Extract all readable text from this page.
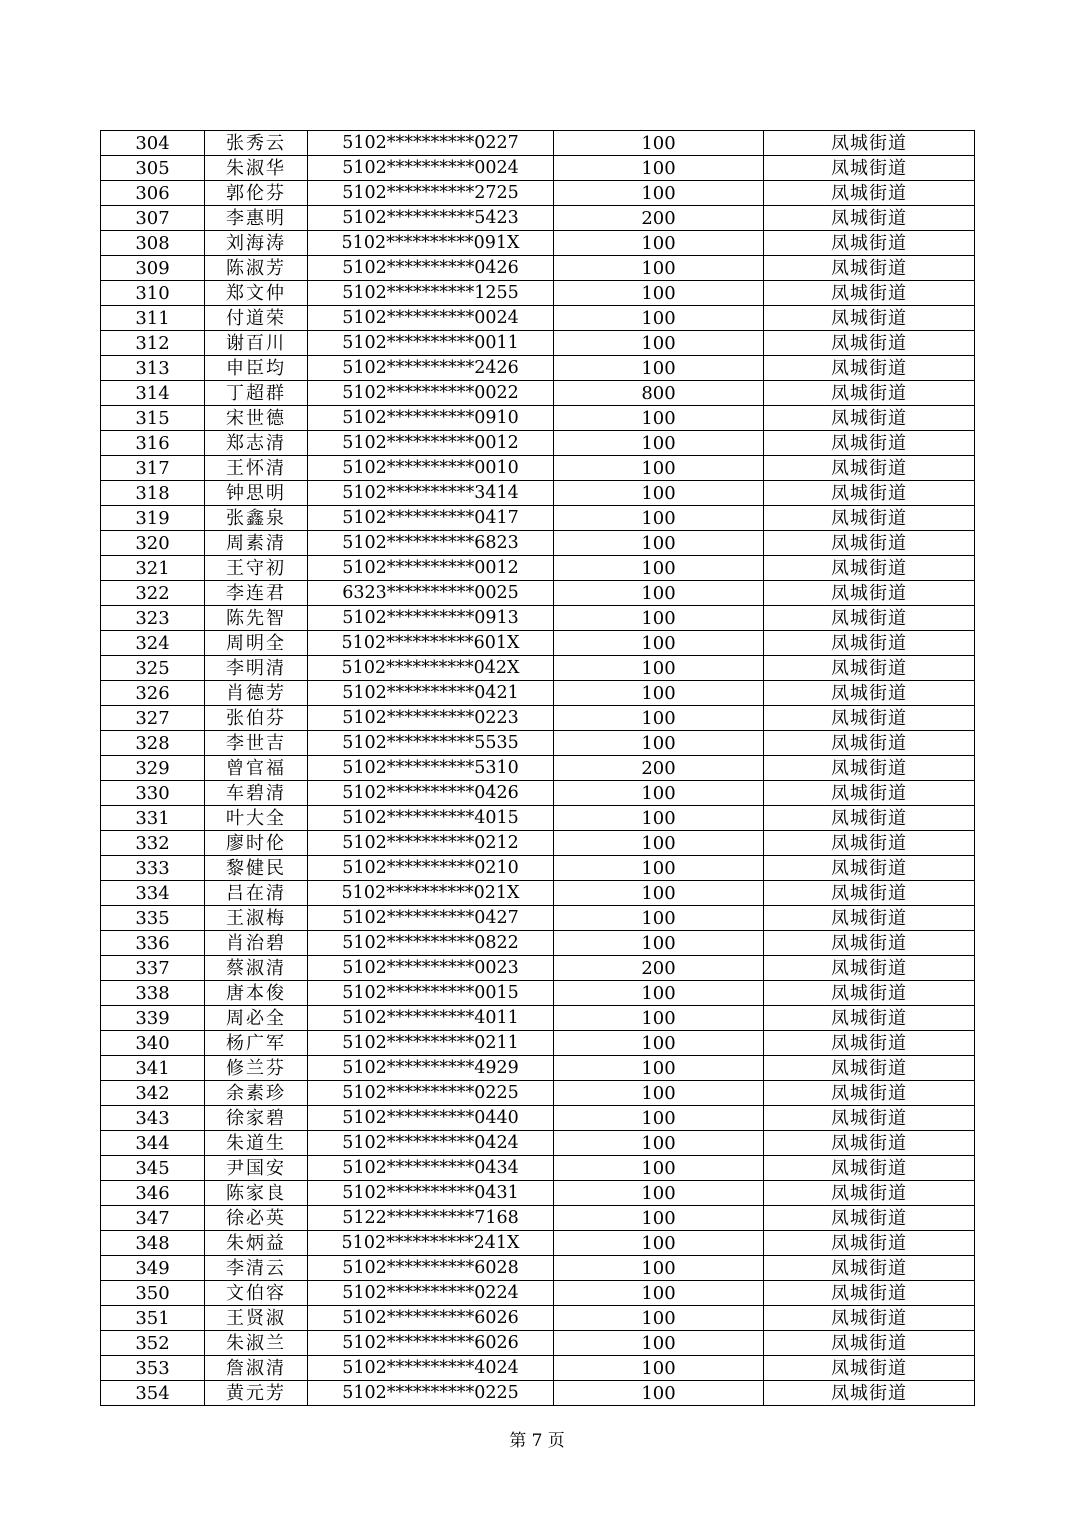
304	张秀云	5102**********0227	100	凤城街道
305	朱淑华	5102**********0024	100	凤城街道
306	郭伦芬	5102**********2725	100	凤城街道
307	李惠明	5102**********5423	200	凤城街道
308	刘海涛	5102**********091X	100	凤城街道
309	陈淑芳	5102**********0426	100	凤城街道
310	郑文仲	5102**********1255	100	凤城街道
311	付道荣	5102**********0024	100	凤城街道
312	谢百川	5102**********0011	100	凤城街道
313	申臣均	5102**********2426	100	凤城街道
314	丁超群	5102**********0022	800	凤城街道
315	宋世德	5102**********0910	100	凤城街道
316	郑志清	5102**********0012	100	凤城街道
317	王怀清	5102**********0010	100	凤城街道
318	钟思明	5102**********3414	100	凤城街道
319	张鑫泉	5102**********0417	100	凤城街道
320	周素清	5102**********6823	100	凤城街道
321	王守初	5102**********0012	100	凤城街道
322	李连君	6323**********0025	100	凤城街道
323	陈先智	5102**********0913	100	凤城街道
324	周明全	5102**********601X	100	凤城街道
325	李明清	5102**********042X	100	凤城街道
326	肖德芳	5102**********0421	100	凤城街道
327	张伯芬	5102**********0223	100	凤城街道
328	李世吉	5102**********5535	100	凤城街道
329	曾官福	5102**********5310	200	凤城街道
330	车碧清	5102**********0426	100	凤城街道
331	叶大全	5102**********4015	100	凤城街道
332	廖时伦	5102**********0212	100	凤城街道
333	黎健民	5102**********0210	100	凤城街道
334	吕在清	5102**********021X	100	凤城街道
335	王淑梅	5102**********0427	100	凤城街道
336	肖治碧	5102**********0822	100	凤城街道
337	蔡淑清	5102**********0023	200	凤城街道
338	唐本俊	5102**********0015	100	凤城街道
339	周必全	5102**********4011	100	凤城街道
340	杨广军	5102**********0211	100	凤城街道
341	修兰芬	5102**********4929	100	凤城街道
342	余素珍	5102**********0225	100	凤城街道
343	徐家碧	5102**********0440	100	凤城街道
344	朱道生	5102**********0424	100	凤城街道
345	尹国安	5102**********0434	100	凤城街道
346	陈家良	5102**********0431	100	凤城街道
347	徐必英	5122**********7168	100	凤城街道
348	朱炳益	5102**********241X	100	凤城街道
349	李清云	5102**********6028	100	凤城街道
350	文伯容	5102**********0224	100	凤城街道
351	王贤淑	5102**********6026	100	凤城街道
352	朱淑兰	5102**********6026	100	凤城街道
353	詹淑清	5102**********4024	100	凤城街道
354	黄元芳	5102**********0225	100	凤城街道
第 7 页
